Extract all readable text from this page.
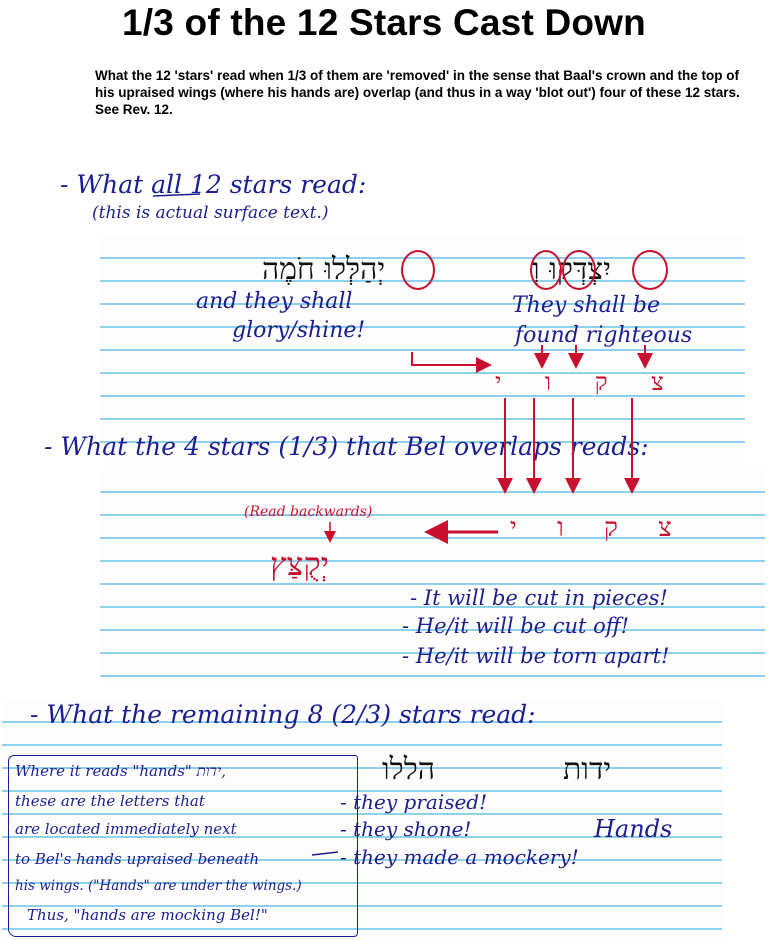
1/3 of the 12 Stars Cast Down
What the 12 'stars' read when 1/3 of them are 'removed' in the sense that Baal's crown and the top of his upraised wings (where his hands are) overlap (and thus in a way 'blot out') four of these 12 stars. See Rev. 12.
- What all 12 stars read:
(this is actual surface text.)
יְהַלְּלוּ חֹמֶה	יִצְדְּקוּ וְ
and they shall
glory/shine!
They shall be
found righteous
צ ק ו י
- What the 4 stars (1/3) that Bel overlaps reads:
(Read backwards)
צ ק ו י
יְקֻצַּץ
- It will be cut in pieces!
- He/it will be cut off!
- He/it will be torn apart!
- What the remaining 8 (2/3) stars read:
הללו	ידות
- they praised!
- they shone!
- they made a mockery!
Hands
Where it reads "hands" ידות,
these are the letters that
are located immediately next
to Bel's hands upraised beneath
his wings. ("Hands" are under the wings.)
Thus, "hands are mocking Bel!"
